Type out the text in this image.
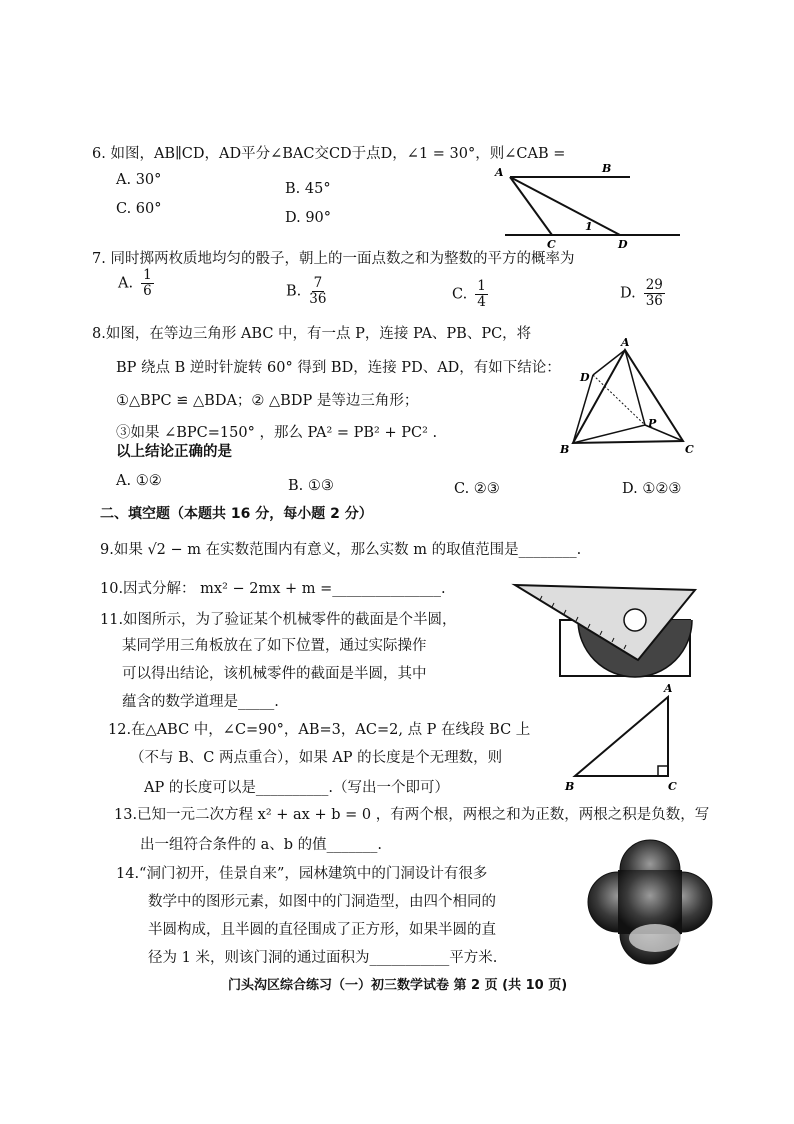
6. 如图，AB∥CD，AD平分∠BAC交CD于点D，∠1 = 30°，则∠CAB =
A. 30°
B. 45°
C. 60°
D. 90°
A	B
C	D
1
7. 同时掷两枚质地均匀的骰子，朝上的一面点数之和为整数的平方的概率为
A. $\frac{1}{6}$	B. $\frac{7}{36}$	C. $\frac{1}{4}$	D. $\frac{29}{36}$
8.如图，在等边三角形 ABC 中，有一点 P，连接 PA、PB、PC，将
BP 绕点 B 逆时针旋转 60° 得到 BD，连接 PD、AD，有如下结论：
①△BPC ≌ △BDA；② △BDP 是等边三角形；
③如果 ∠BPC=150° ，那么 PA² = PB² + PC² .
以上结论正确的是
A. ①②	B. ①③	C. ②③	D. ①②③
A
D
P
B	C
二、填空题（本题共 16 分，每小题 2 分）
9.如果 √2 − m 在实数范围内有意义，那么实数 m 的取值范围是________.
10.因式分解： mx² − 2mx + m =_______________.
11.如图所示，为了验证某个机械零件的截面是个半圆，
某同学用三角板放在了如下位置，通过实际操作
可以得出结论，该机械零件的截面是半圆，其中
蕴含的数学道理是_____.
12.在△ABC 中，∠C=90°，AB=3，AC=2, 点 P 在线段 BC 上
（不与 B、C 两点重合），如果 AP 的长度是个无理数，则
AP 的长度可以是__________.（写出一个即可）
A
B	C
13.已知一元二次方程 x² + ax + b = 0 ，有两个根，两根之和为正数，两根之积是负数，写
出一组符合条件的 a、b 的值_______.
14.“洞门初开，佳景自来”，园林建筑中的门洞设计有很多
数学中的图形元素，如图中的门洞造型，由四个相同的
半圆构成，且半圆的直径围成了正方形，如果半圆的直
径为 1 米，则该门洞的通过面积为___________平方米.
门头沟区综合练习（一）初三数学试卷 第 2 页 (共 10 页)
